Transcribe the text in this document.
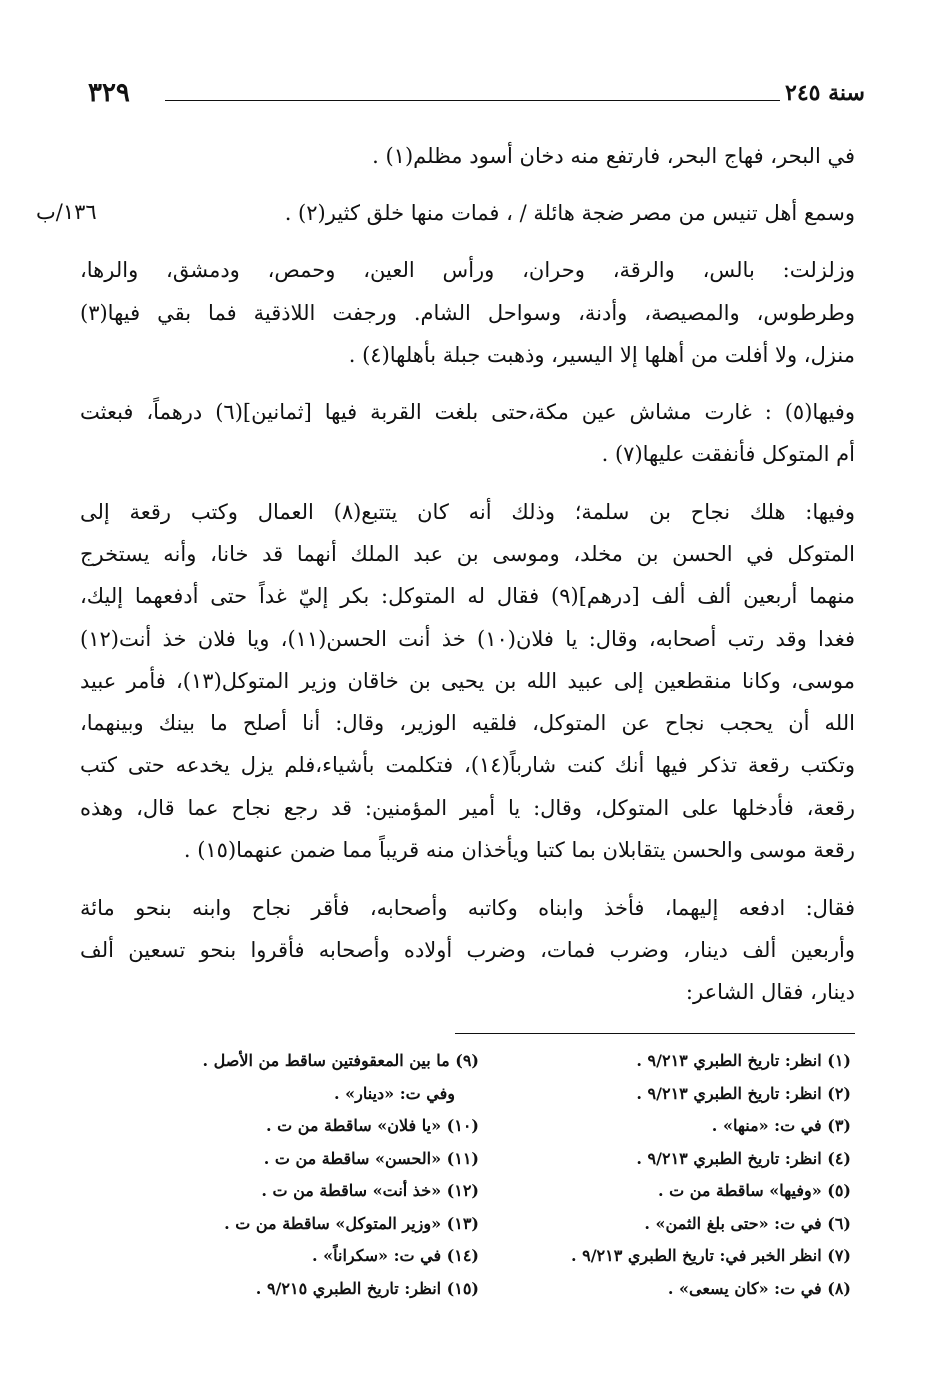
٣٢٩	سنة ٢٤٥
١٣٦/ب
في البحر، فهاج البحر، فارتفع منه دخان أسود مظلم(١) .
وسمع أهل تنيس من مصر ضجة هائلة / ، فمات منها خلق كثير(٢) .
وزلزلت: بالس، والرقة، وحران، ورأس العين، وحمص، ودمشق، والرها،
وطرطوس، والمصيصة، وأدنة، وسواحل الشام. ورجفت اللاذقية فما بقي فيها(٣)
منزل، ولا أفلت من أهلها إلا اليسير، وذهبت جبلة بأهلها(٤) .
وفيها(٥) : غارت مشاش عين مكة،حتى بلغت القربة فيها [ثمانين](٦) درهماً، فبعثت
أم المتوكل فأنفقت عليها(٧) .
وفيها: هلك نجاح بن سلمة؛ وذلك أنه كان يتتبع(٨) العمال وكتب رقعة إلى
المتوكل في الحسن بن مخلد، وموسى بن عبد الملك أنهما قد خانا، وأنه يستخرج
منهما أربعين ألف ألف [درهم](٩) فقال له المتوكل: بكر إليّ غداً حتى أدفعهما إليك،
فغدا وقد رتب أصحابه، وقال: يا فلان(١٠) خذ أنت الحسن(١١)، ويا فلان خذ أنت(١٢)
موسى، وكانا منقطعين إلى عبيد الله بن يحيى بن خاقان وزير المتوكل(١٣)، فأمر عبيد
الله أن يحجب نجاح عن المتوكل، فلقيه الوزير، وقال: أنا أصلح ما بينك وبينهما،
وتكتب رقعة تذكر فيها أنك كنت شارباً(١٤)، فتكلمت بأشياء،فلم يزل يخدعه حتى كتب
رقعة، فأدخلها على المتوكل، وقال: يا أمير المؤمنين: قد رجع نجاح عما قال، وهذه
رقعة موسى والحسن يتقابلان بما كتبا ويأخذان منه قريباً مما ضمن عنهما(١٥) .
فقال: ادفعه إليهما، فأخذ وابناه وكاتبه وأصحابه، فأقر نجاح وابنه بنحو مائة
وأربعين ألف دينار، وضرب فمات، وضرب أولاده وأصحابه فأقروا بنحو تسعين ألف
دينار، فقال الشاعر:
(١) انظر: تاريخ الطبري ٩/٢١٣ .
(٢) انظر: تاريخ الطبري ٩/٢١٣ .
(٣) في ت: «منها» .
(٤) انظر: تاريخ الطبري ٩/٢١٣ .
(٥) «وفيها» ساقطة من ت .
(٦) في ت: «حتى بلغ الثمن» .
(٧) انظر الخبر في: تاريخ الطبري ٩/٢١٣ .
(٨) في ت: «كان يسعى» .
(٩) ما بين المعقوفتين ساقط من الأصل .
وفي ت: «دينار» .
(١٠) «يا فلان» ساقطة من ت .
(١١) «الحسن» ساقطة من ت .
(١٢) «خذ أنت» ساقطة من ت .
(١٣) «وزير المتوكل» ساقطة من ت .
(١٤) في ت: «سكراناً» .
(١٥) انظر: تاريخ الطبري ٩/٢١٥ .
